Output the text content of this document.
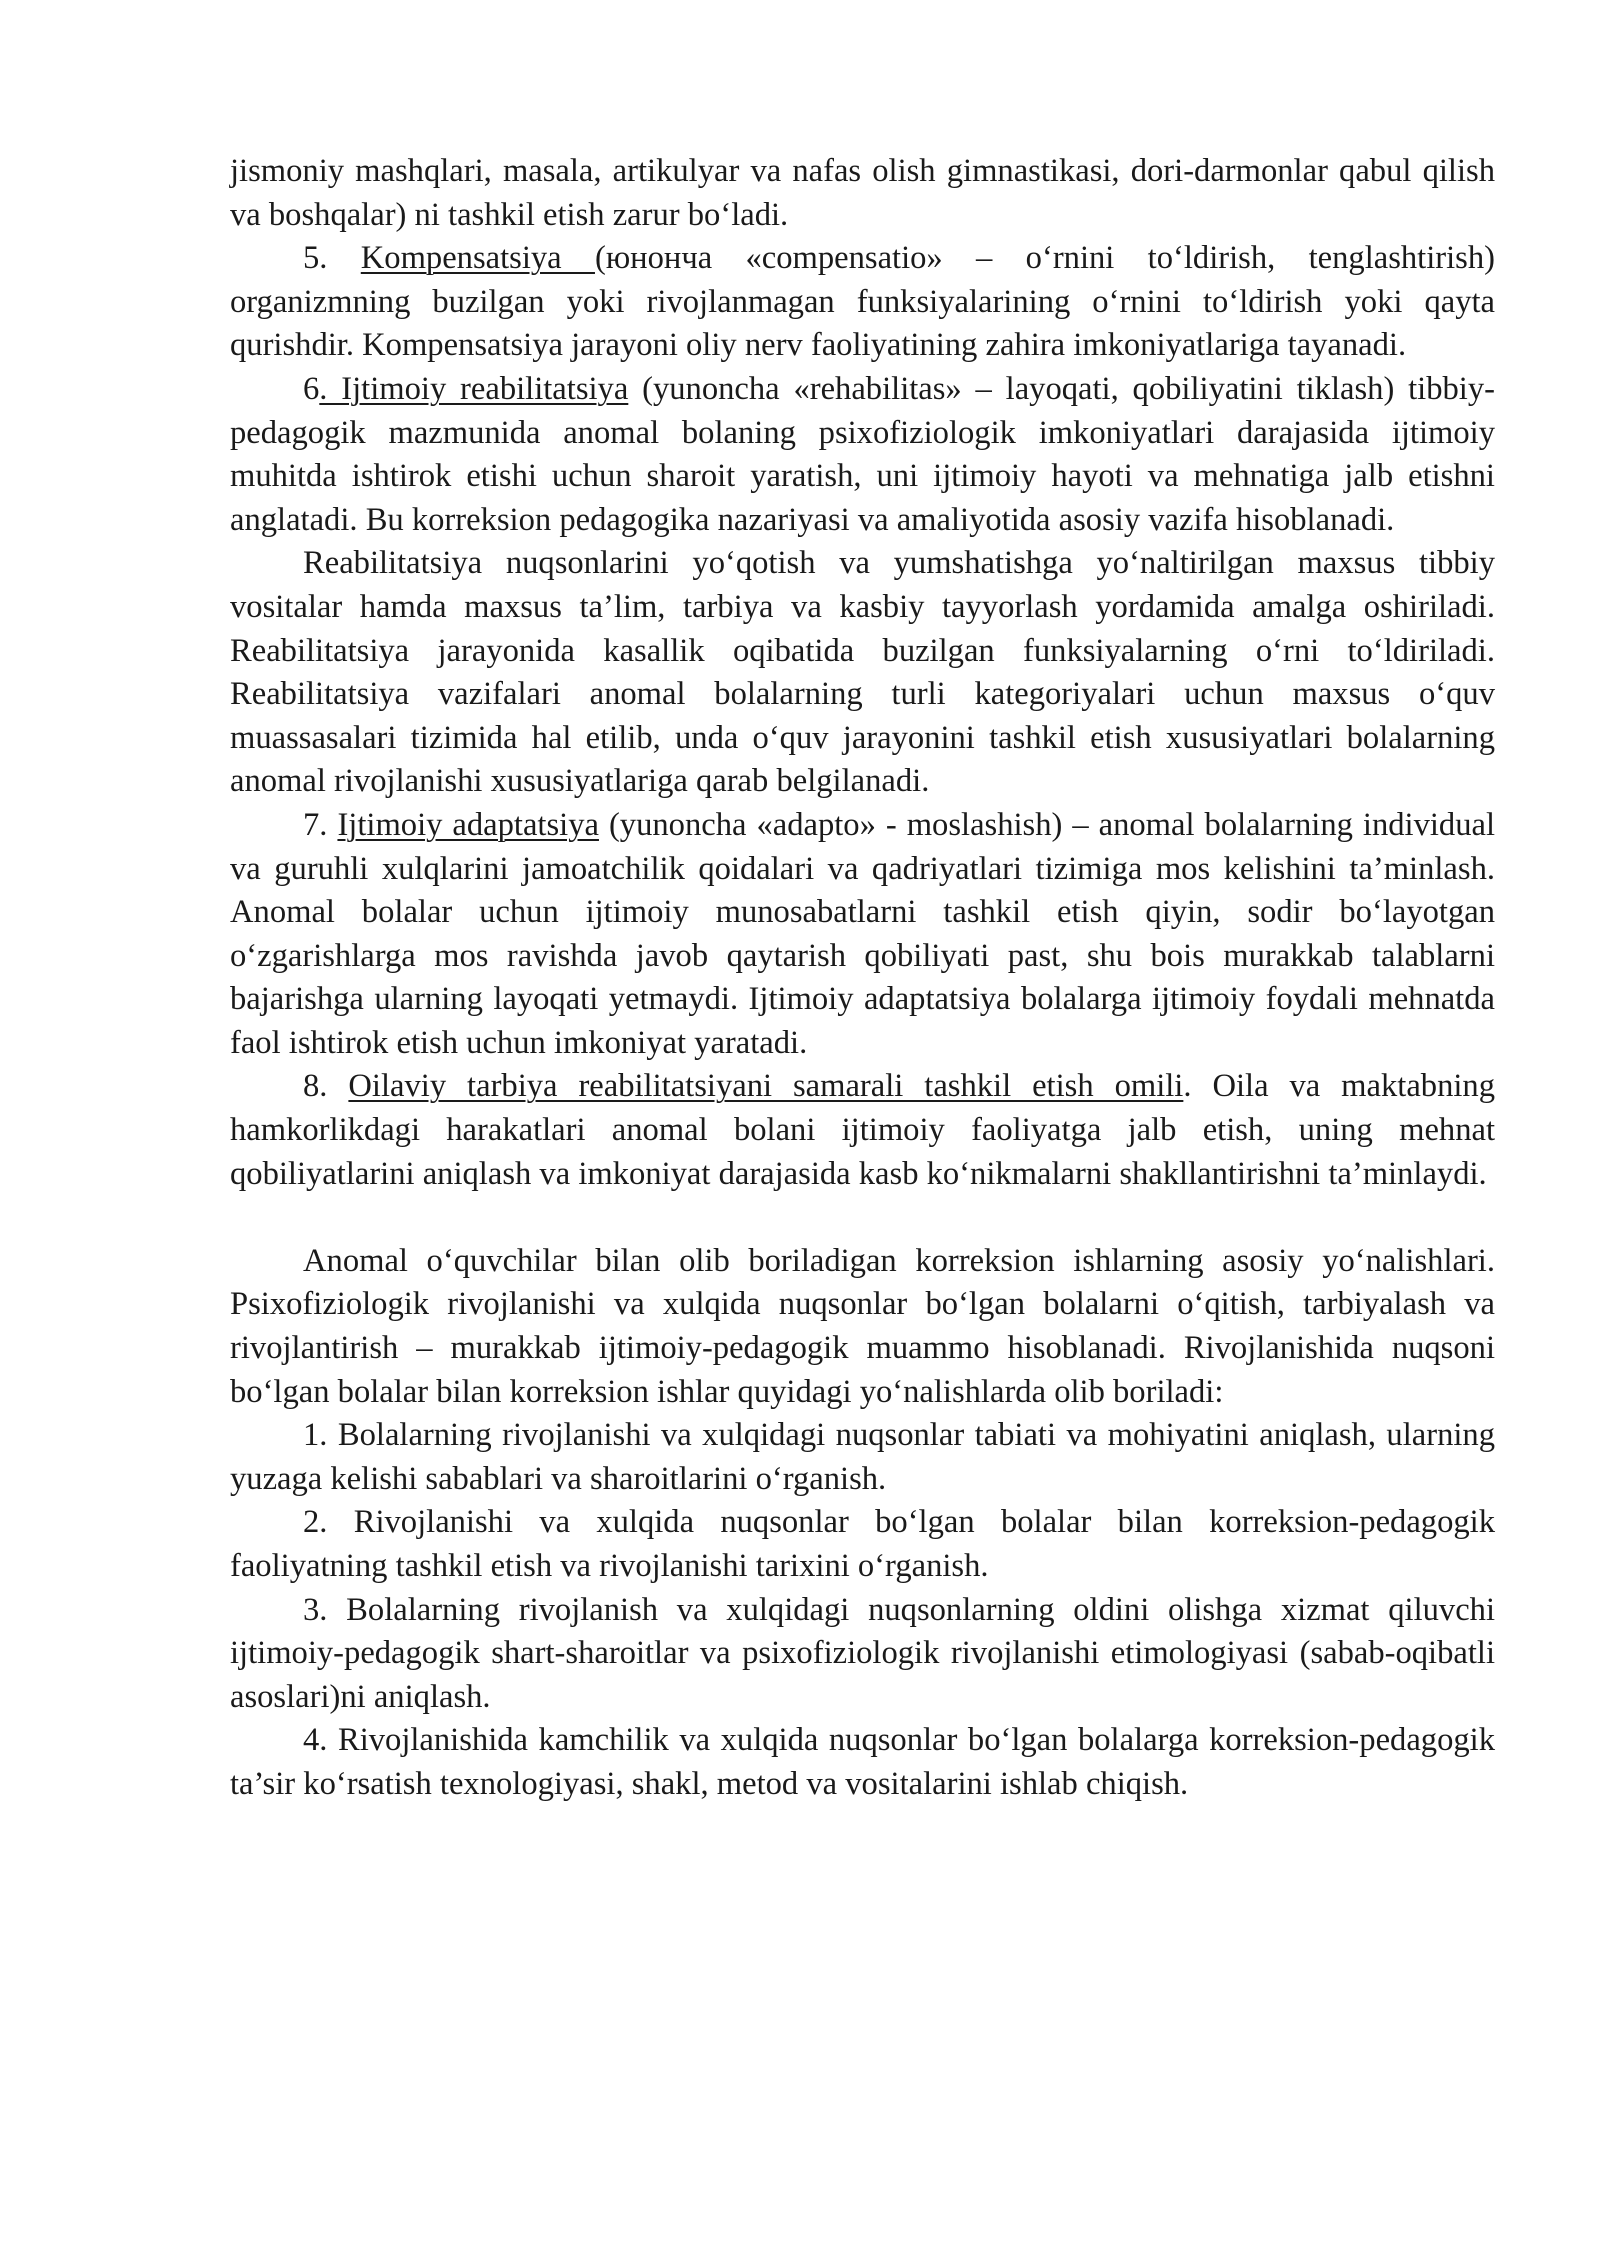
jismoniy mashqlari, masala, artikulyar va nafas olish gimnastikasi, dori-darmonlar qabul qilish va boshqalar) ni tashkil etish zarur bo‘ladi.

5. Kompensatsiya (юнонча «compensatio» – o‘rnini to‘ldirish, tenglashtirish) organizmning buzilgan yoki rivojlanmagan funksiyalarining o‘rnini to‘ldirish yoki qayta qurishdir. Kompensatsiya jarayoni oliy nerv faoliyatining zahira imkoniyatlariga tayanadi.

6. Ijtimoiy reabilitatsiya (yunoncha «rehabilitas» – layoqati, qobiliyatini tiklash) tibbiy-pedagogik mazmunida anomal bolaning psixofiziologik imkoniyatlari darajasida ijtimoiy muhitda ishtirok etishi uchun sharoit yaratish, uni ijtimoiy hayoti va mehnatiga jalb etishni anglatadi. Bu korreksion pedagogika nazariyasi va amaliyotida asosiy vazifa hisoblanadi.

Reabilitatsiya nuqsonlarini yo‘qotish va yumshatishga yo‘naltirilgan maxsus tibbiy vositalar hamda maxsus ta’lim, tarbiya va kasbiy tayyorlash yordamida amalga oshiriladi. Reabilitatsiya jarayonida kasallik oqibatida buzilgan funksiyalarning o‘rni to‘ldiriladi. Reabilitatsiya vazifalari anomal bolalarning turli kategoriyalari uchun maxsus o‘quv muassasalari tizimida hal etilib, unda o‘quv jarayonini tashkil etish xususiyatlari bolalarning anomal rivojlanishi xususiyatlariga qarab belgilanadi.

7. Ijtimoiy adaptatsiya (yunoncha «adapto» - moslashish) – anomal bolalarning individual va guruhli xulqlarini jamoatchilik qoidalari va qadriyatlari tizimiga mos kelishini ta’minlash. Anomal bolalar uchun ijtimoiy munosabatlarni tashkil etish qiyin, sodir bo‘layotgan o‘zgarishlarga mos ravishda javob qaytarish qobiliyati past, shu bois murakkab talablarni bajarishga ularning layoqati yetmaydi. Ijtimoiy adaptatsiya bolalarga ijtimoiy foydali mehnatda faol ishtirok etish uchun imkoniyat yaratadi.

8. Oilaviy tarbiya reabilitatsiyani samarali tashkil etish omili. Oila va maktabning hamkorlikdagi harakatlari anomal bolani ijtimoiy faoliyatga jalb etish, uning mehnat qobiliyatlarini aniqlash va imkoniyat darajasida kasb ko‘nikmalarni shakllantirishni ta’minlaydi.

Anomal o‘quvchilar bilan olib boriladigan korreksion ishlarning asosiy yo‘nalishlari. Psixofiziologik rivojlanishi va xulqida nuqsonlar bo‘lgan bolalarni o‘qitish, tarbiyalash va rivojlantirish – murakkab ijtimoiy-pedagogik muammo hisoblanadi. Rivojlanishida nuqsoni bo‘lgan bolalar bilan korreksion ishlar quyidagi yo‘nalishlarda olib boriladi:

1. Bolalarning rivojlanishi va xulqidagi nuqsonlar tabiati va mohiyatini aniqlash, ularning yuzaga kelishi sabablari va sharoitlarini o‘rganish.

2. Rivojlanishi va xulqida nuqsonlar bo‘lgan bolalar bilan korreksion-pedagogik faoliyatning tashkil etish va rivojlanishi tarixini o‘rganish.

3. Bolalarning rivojlanish va xulqidagi nuqsonlarning oldini olishga xizmat qiluvchi ijtimoiy-pedagogik shart-sharoitlar va psixofiziologik rivojlanishi etimologiyasi (sabab-oqibatli asoslari)ni aniqlash.

4. Rivojlanishida kamchilik va xulqida nuqsonlar bo‘lgan bolalarga korreksion-pedagogik ta’sir ko‘rsatish texnologiyasi, shakl, metod va vositalarini ishlab chiqish.
